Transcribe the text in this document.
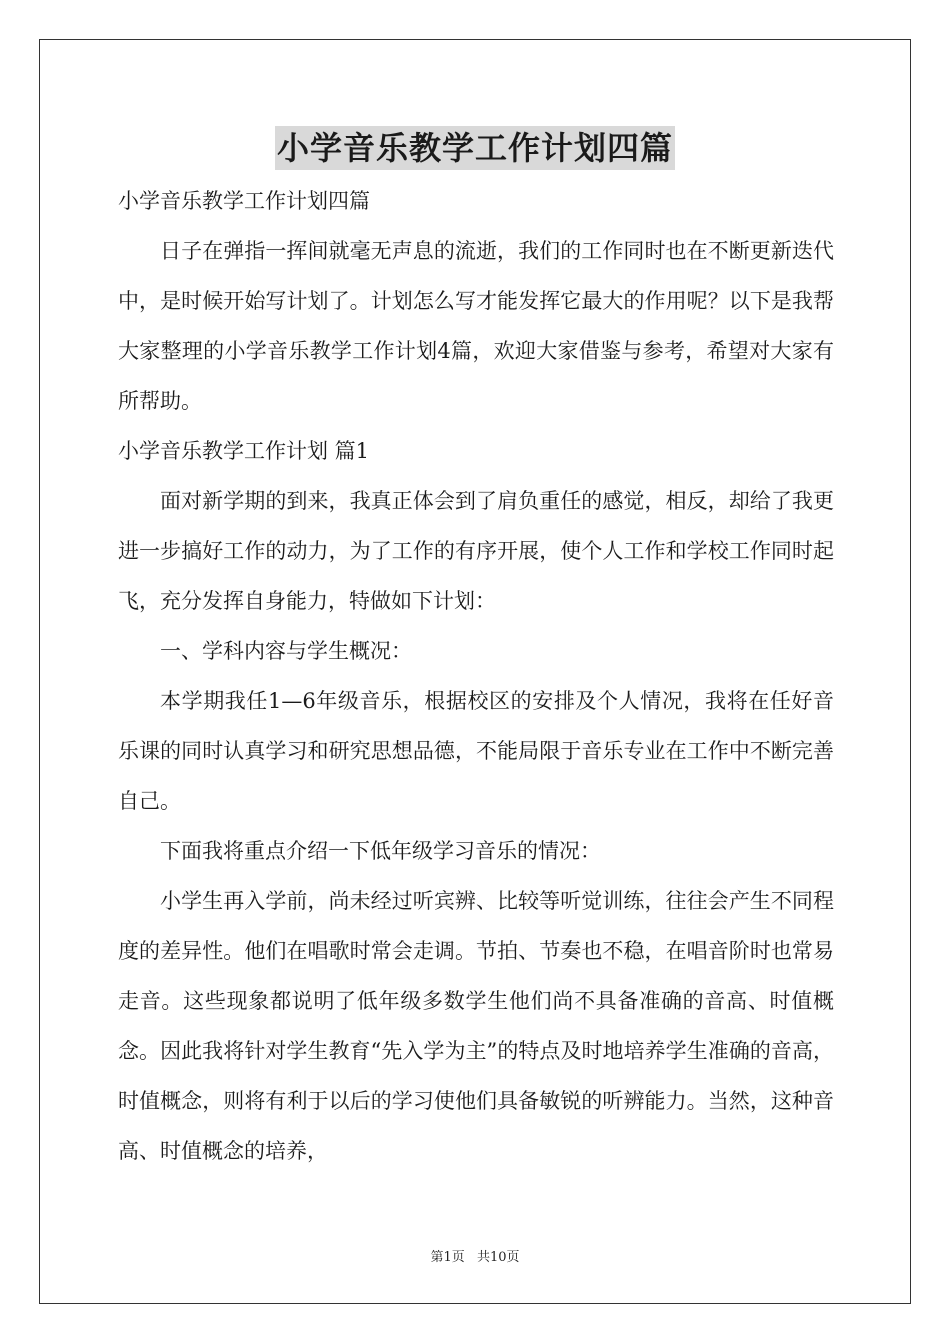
小学音乐教学工作计划四篇

小学音乐教学工作计划四篇

日子在弹指一挥间就毫无声息的流逝，我们的工作同时也在不断更新迭代中，是时候开始写计划了。计划怎么写才能发挥它最大的作用呢？以下是我帮大家整理的小学音乐教学工作计划4篇，欢迎大家借鉴与参考，希望对大家有所帮助。

小学音乐教学工作计划 篇1

面对新学期的到来，我真正体会到了肩负重任的感觉，相反，却给了我更进一步搞好工作的动力，为了工作的有序开展，使个人工作和学校工作同时起飞，充分发挥自身能力，特做如下计划：

一、学科内容与学生概况：

本学期我任1—6年级音乐，根据校区的安排及个人情况，我将在任好音乐课的同时认真学习和研究思想品德，不能局限于音乐专业在工作中不断完善自己。

下面我将重点介绍一下低年级学习音乐的情况：

小学生再入学前，尚未经过听宾辨、比较等听觉训练，往往会产生不同程度的差异性。他们在唱歌时常会走调。节拍、节奏也不稳，在唱音阶时也常易走音。这些现象都说明了低年级多数学生他们尚不具备准确的音高、时值概念。因此我将针对学生教育“先入学为主”的特点及时地培养学生准确的音高，时值概念，则将有利于以后的学习使他们具备敏锐的听辨能力。当然，这种音高、时值概念的培养，

第1页 共10页
